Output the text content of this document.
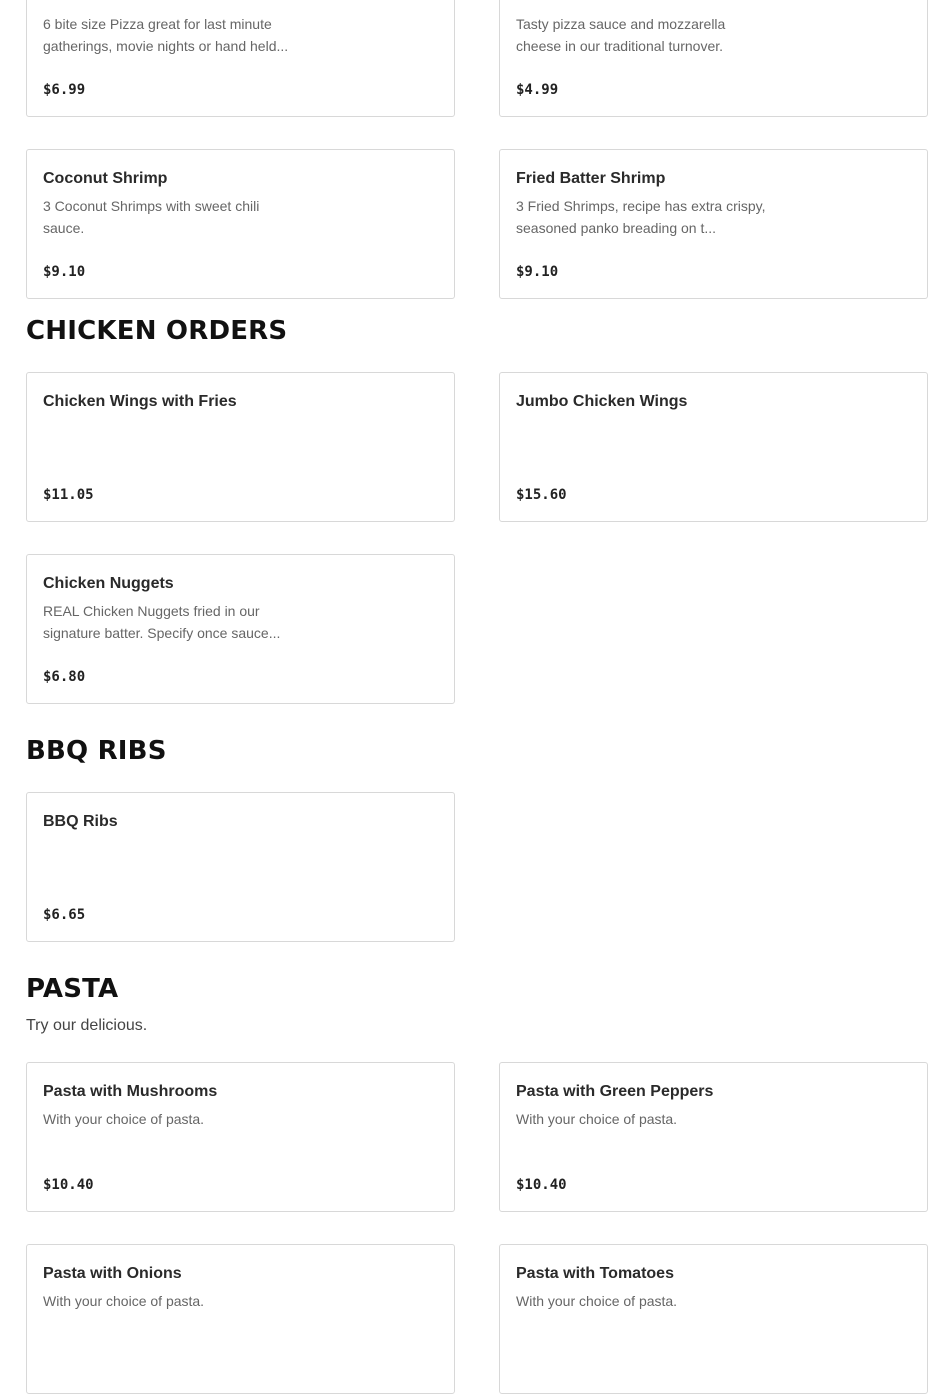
6 bite size Pizza great for last minute gatherings, movie nights or hand held...
$6.99
Tasty pizza sauce and mozzarella cheese in our traditional turnover.
$4.99
Coconut Shrimp
3 Coconut Shrimps with sweet chili sauce.
$9.10
Fried Batter Shrimp
3 Fried Shrimps, recipe has extra crispy, seasoned panko breading on t...
$9.10
CHICKEN ORDERS
Chicken Wings with Fries
$11.05
Jumbo Chicken Wings
$15.60
Chicken Nuggets
REAL Chicken Nuggets fried in our signature batter. Specify once sauce...
$6.80
BBQ RIBS
BBQ Ribs
$6.65
PASTA

Try our delicious.

Pasta with Mushrooms
With your choice of pasta.
$10.40
Pasta with Green Peppers
With your choice of pasta.
$10.40
Pasta with Onions
With your choice of pasta.
Pasta with Tomatoes
With your choice of pasta.
